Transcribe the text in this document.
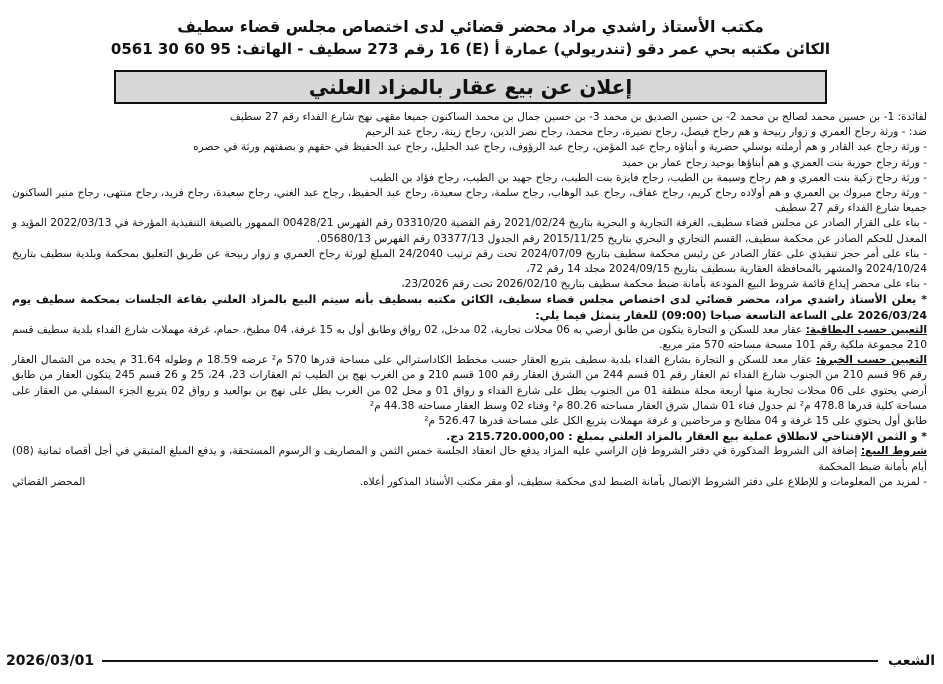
مكتب الأستاذ راشدي مراد محضر قضائي لدى اختصاص مجلس قضاء سطيف
الكائن مكتبه بحي عمر دقو (تندريولي) عمارة أ (E) 16 رقم 273 سطيف - الهاتف: 95 60 30 0561
إعلان عن بيع عقار بالمزاد العلني

لفائدة: 1- بن حسين محمد لصالح بن محمد 2- بن حسين الصديق بن محمد 3- بن حسين جمال بن محمد الساكنون جميعا مقهى نهج شارع الفداء رقم 27 سطيف

ضد: - ورثة رجاح العمري و زوار ربيحة و هم رجاح فيصل، رجاح نصيرة، رجاح محمد، رجاح نصر الدين، رجاح زينة، رجاح عبد الرحيم

- ورثة رجاح عبد القادر و هم أرملته بوسلي حضرية و أبناؤه رجاح عبد المؤمن، رجاح عبد الرؤوف، رجاح عبد الجليل، رجاح عبد الحفيظ في حقهم و بصفتهم ورثة في حصره

- ورثة رجاح حورية بنت العمري و هم أبناؤها بوحيد رجاح عمار بن حميد

- ورثة رجاح زكية بنت العمري و هم رجاح وسيمة بن الطيب، رجاح فايزة بنت الطيب، رجاح جهيد بن الطيب، رجاح فؤاد بن الطيب

- ورثة رجاح مبروك بن العمري و هم أولاده رجاح كريم، رجاح عفاف، رجاح عبد الوهاب، رجاح سلمة، رجاح سعيدة، رجاح عبد الحفيظ، رجاح عبد الغني، رجاح سعيدة، رجاح فريد، رجاح منتهى، رجاح منير الساكنون جميعا شارع الفداء رقم 27 سطيف

- بناء على القرار الصادر عن مجلس قضاء سطيف، الغرفة التجارية و البحرية بتاريخ 2021/02/24 رقم القضية 03310/20 رقم الفهرس 00428/21 الممهور بالصيغة التنفيذية المؤرخة في 2022/03/13 المؤيد و المعدل للحكم الصادر عن محكمة سطيف، القسم التجاري و البحري بتاريخ 2015/11/25 رقم الجدول 03377/13 رقم الفهرس 05680/13.

- بناء على أمر حجز تنفيذي على عقار الصادر عن رئيس محكمة سطيف بتاريخ 2024/07/09 تحت رقم ترتيب 24/2040 المبلغ لورثة رجاح العمري و زوار ربيحة عن طريق التعليق بمحكمة وبلدية سطيف بتاريخ 2024/10/24 والمشهر بالمحافظة العقارية بسطيف بتاريخ 2024/09/15 مجلد 14 رقم 72،

- بناء على محضر إيداع قائمة شروط البيع المودعة بأمانة ضبط محكمة سطيف بتاريخ 2026/02/10 تحت رقم 23/2026،

* يعلن الأستاذ راشدي مراد، محضر قضائي لدى اختصاص مجلس قضاء سطيف، الكائن مكتبه بسطيف بأنه سيتم البيع بالمزاد العلني بقاعة الجلسات بمحكمة سطيف يوم 2026/03/24 على الساعة التاسعة صباحا (09:00) للعقار يتمثل فيما يلي:

التعيين حسب البطاقية: عقار معد للسكن و التجارة يتكون من طابق أرضي به 06 محلات تجارية، 02 مدخل، 02 رواق وطابق أول به 15 غرفة، 04 مطبخ، حمام، غرفة مهملات شارع الفداء بلدية سطيف قسم 210 مجموعة ملكية رقم 101 مسحة مساحته 570 متر مربع.

التعيين حسب الخبرة: عقار معد للسكن و التجارة بشارع الفداء بلدية سطيف بتربع العقار حسب مخطط الكاداسترالي على مساحة قدرها 570 م² عرضه 18.59 م وطوله 31.64 م يحده من الشمال العقار رقم 96 قسم 210 من الجنوب شارع الفداء ثم العقار رقم 01 قسم 244 من الشرق العقار رقم 100 قسم 210 و من الغرب نهج بن الطيب ثم العقارات 23، 24، 25 و 26 قسم 245 يتكون العقار من طابق أرضي يحتوي على 06 محلات تجارية منها أربعة محلة منطقة 01 من الجنوب يطل على شارع الفداء و رواق 01 و محل 02 من الغرب يطل على نهج بن بوالعيد و رواق 02 يتربع الجزء السفلي من العقار على مساحة كلية قدرها 478.8 م² ثم جدول فناء 01 شمال شرق العقار مساحته 80.26 م² وفناء 02 وسط العقار مساحته 44.38 م²

طابق أول يحتوي على 15 غرفة و 04 مطابخ و مرحاضين و غرفة مهملات يتربع الكل على مساحة قدرها 526.47 م²

* و الثمن الإفتتاحي لانطلاق عملية بيع العقار بالمزاد العلني بمبلغ : 215.720.000,00 دج.

شروط البيع: إضافة الى الشروط المذكورة في دفتر الشروط فإن الراسي عليه المزاد يدفع حال انعقاد الجلسة خمس الثمن و المصاريف و الرسوم المستحقة، و يدفع المبلغ المتبقي في أجل أقصاه ثمانية (08) أيام بأمانة ضبط المحكمة

- لمزيد من المعلومات و للإطلاع على دفتر الشروط الإتصال بأمانة الضبط لدى محكمة سطيف، أو مقر مكتب الأستاذ المذكور أعلاه.
المحضر القضائي
الشعب
2026/03/01
